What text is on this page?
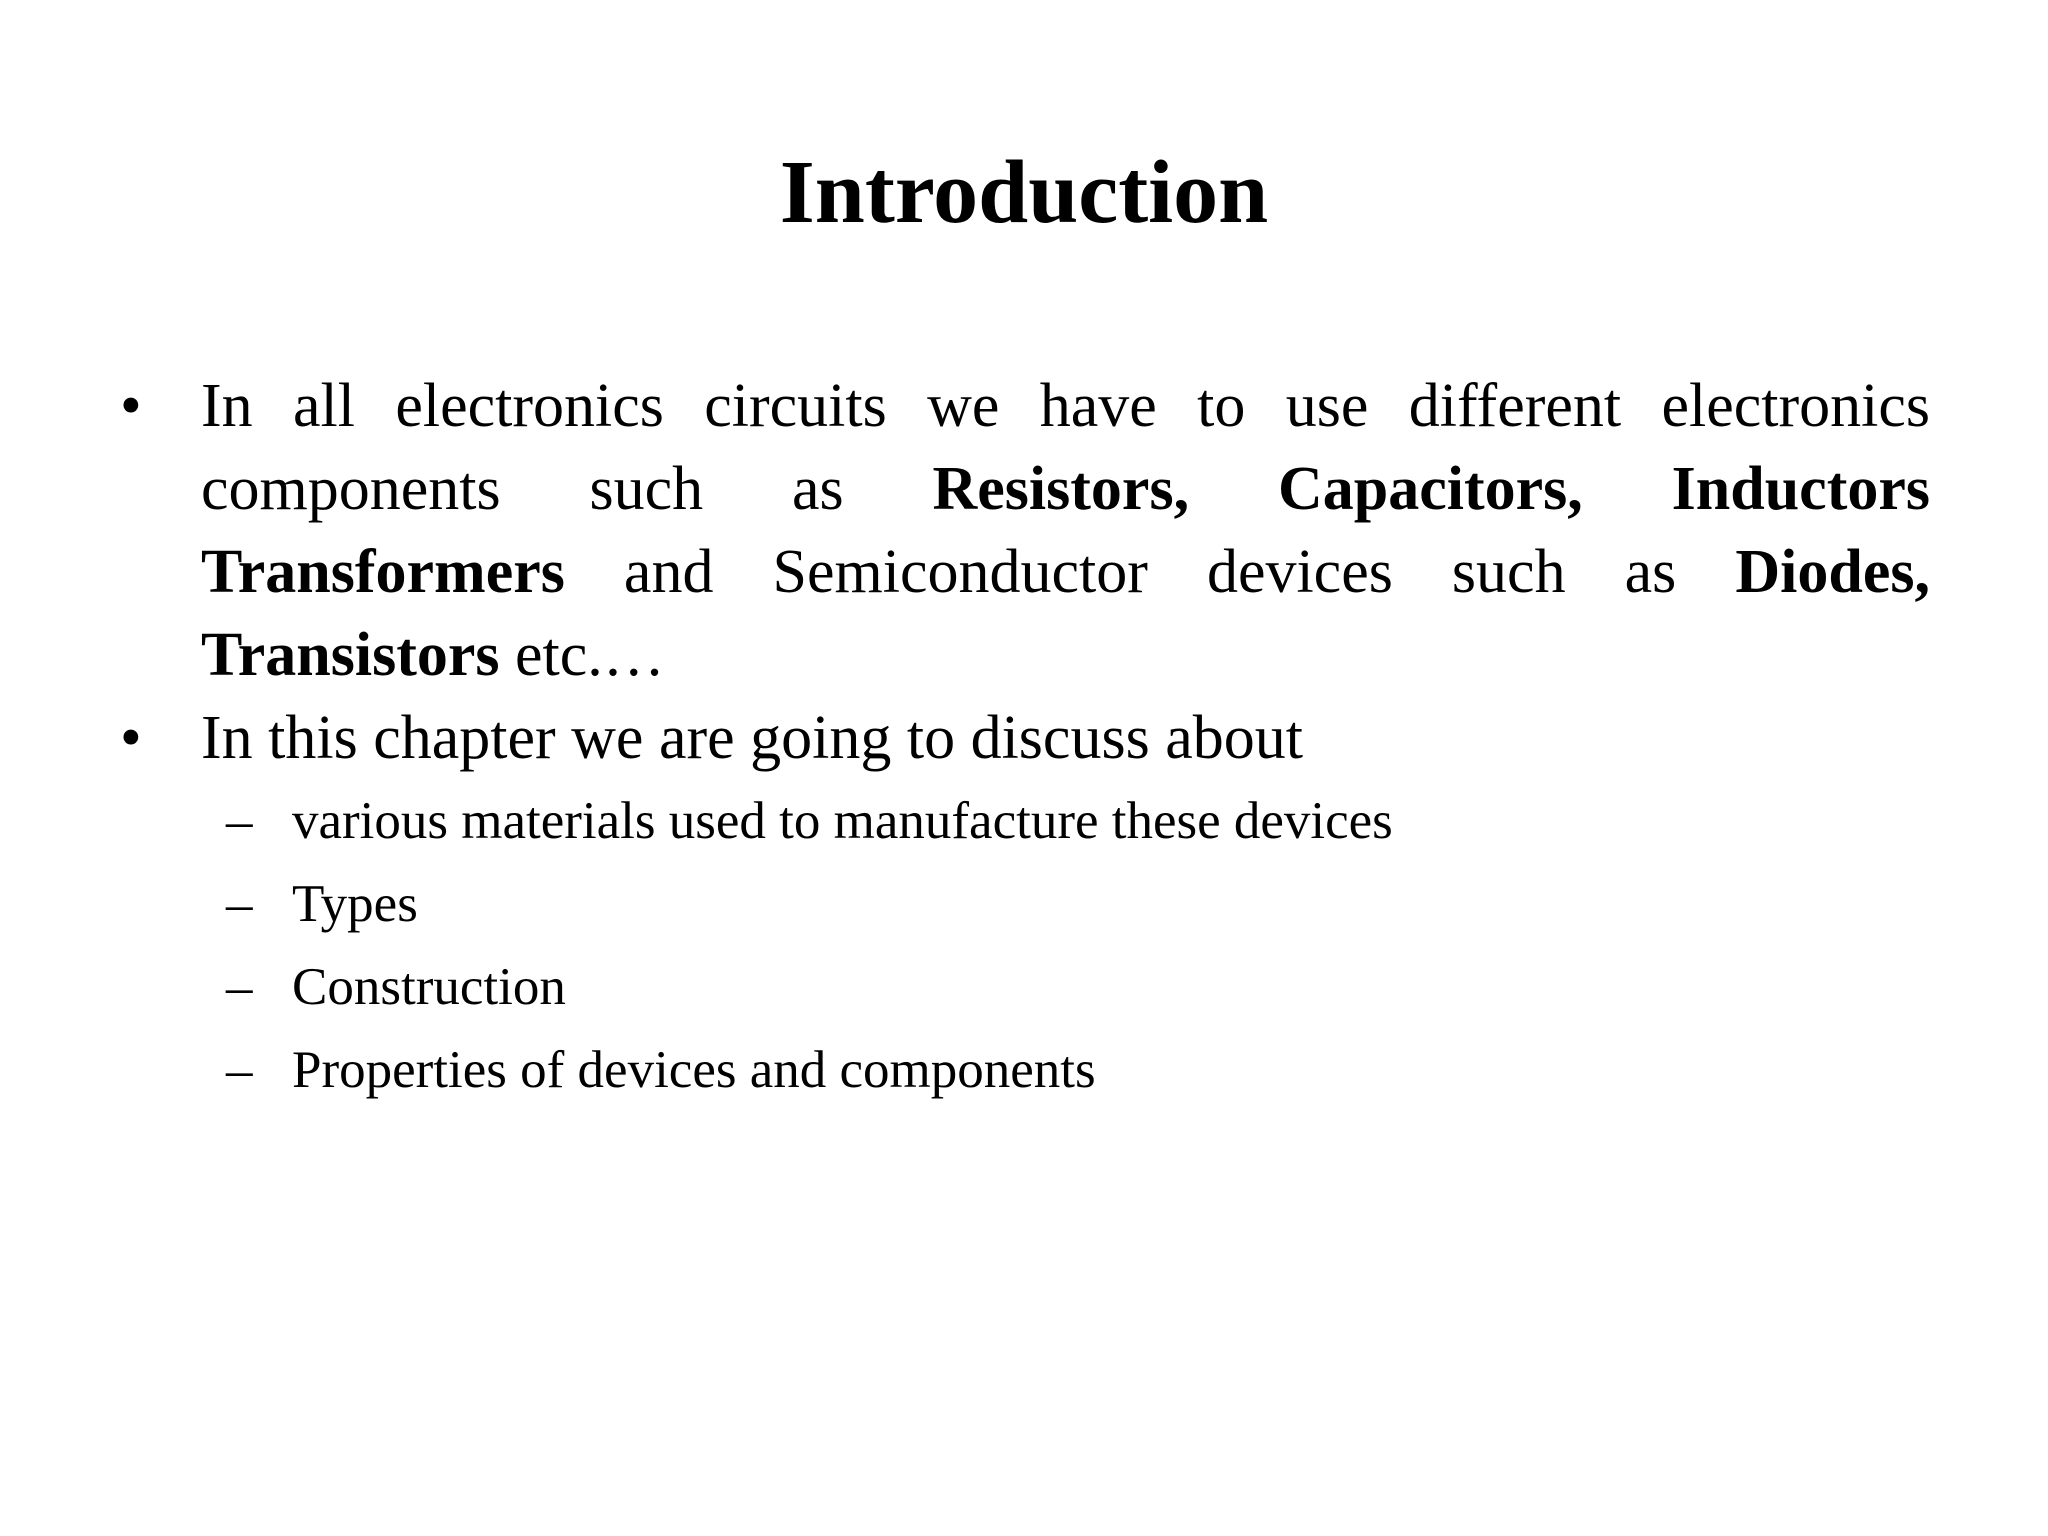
Introduction
• In all electronics circuits we have to use different electronics components such as Resistors, Capacitors, Inductors Transformers and Semiconductor devices such as Diodes, Transistors etc.…
• In this chapter we are going to discuss about
– various materials used to manufacture these devices
– Types
– Construction
– Properties of devices and components
